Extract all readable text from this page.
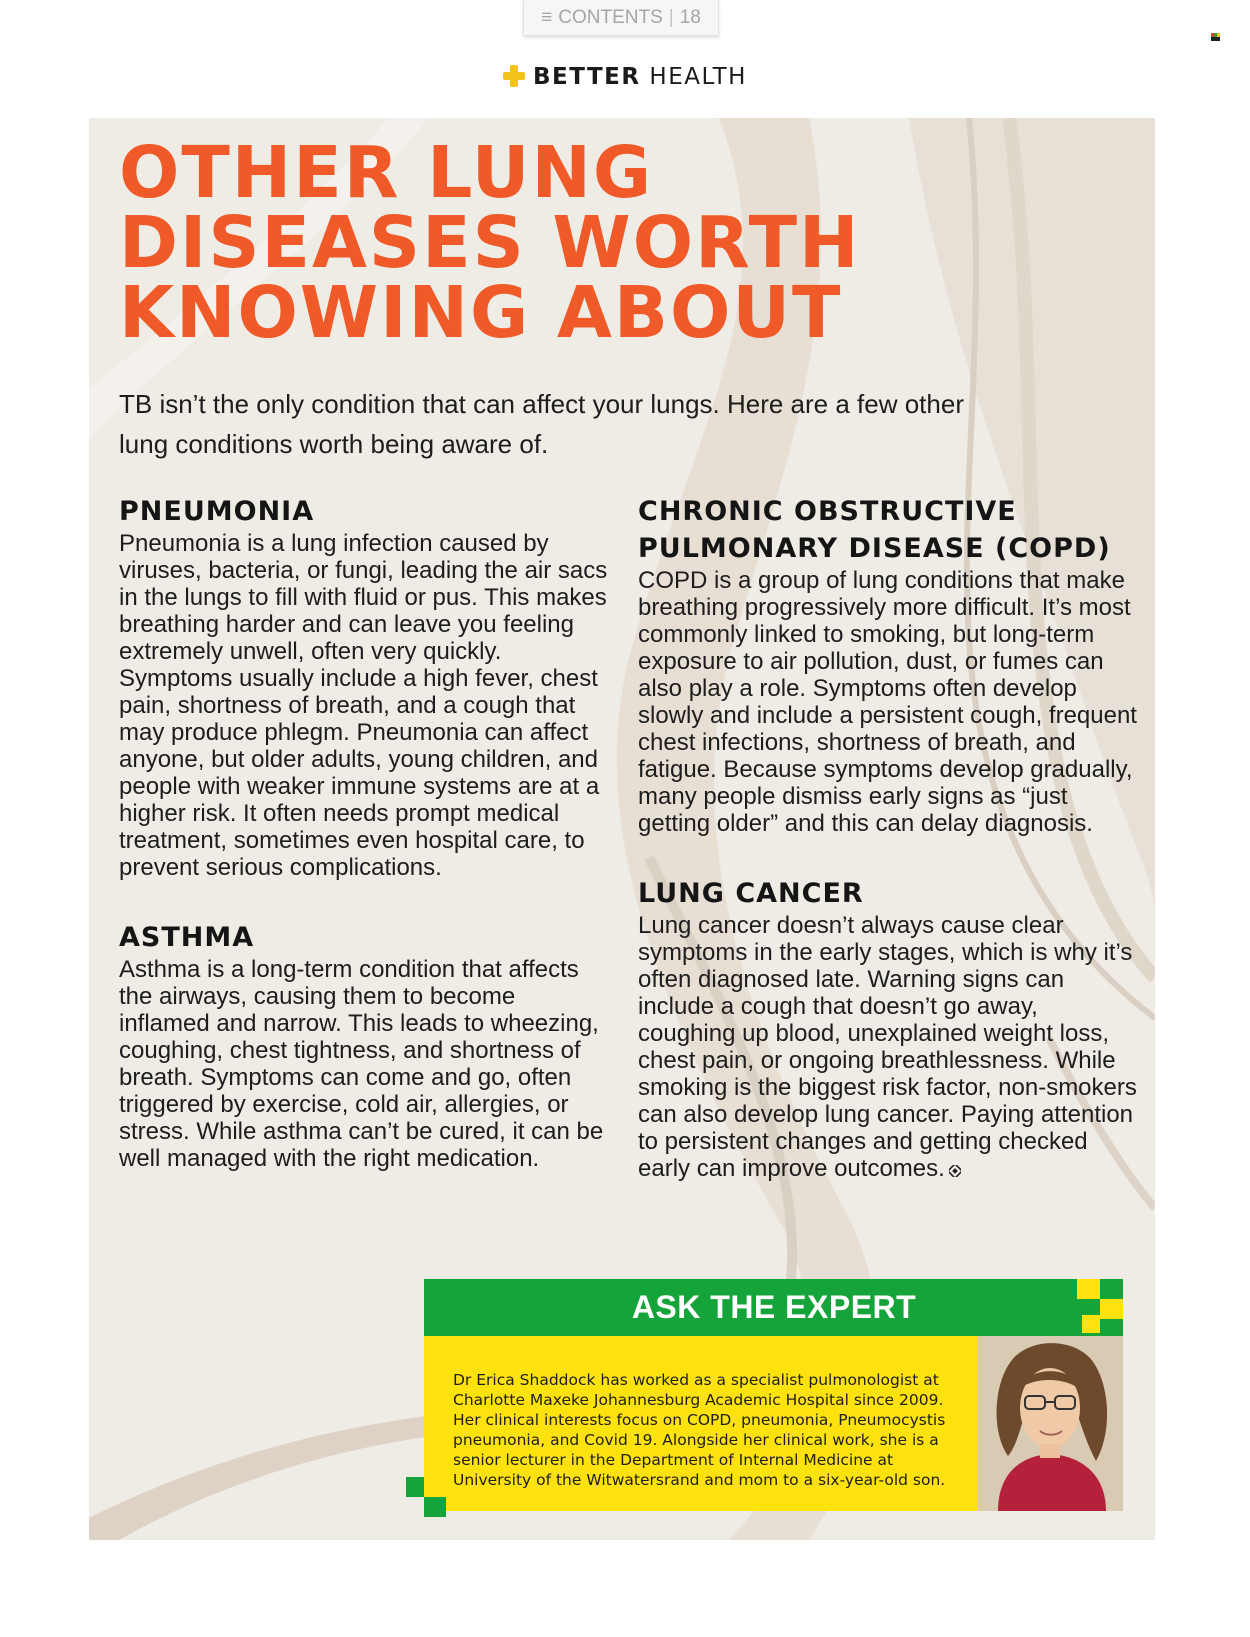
≡ CONTENTS | 18
BETTER HEALTH
OTHER LUNG
DISEASES WORTH
KNOWING ABOUT

TB isn’t the only condition that can affect your lungs. Here are a few other lung conditions worth being aware of.

PNEUMONIA

Pneumonia is a lung infection caused by viruses, bacteria, or fungi, leading the air sacs in the lungs to fill with fluid or pus. This makes breathing harder and can leave you feeling extremely unwell, often very quickly. Symptoms usually include a high fever, chest pain, shortness of breath, and a cough that may produce phlegm. Pneumonia can affect anyone, but older adults, young children, and people with weaker immune systems are at a higher risk. It often needs prompt medical treatment, sometimes even hospital care, to prevent serious complications.

ASTHMA

Asthma is a long-term condition that affects the airways, causing them to become inflamed and narrow. This leads to wheezing, coughing, chest tightness, and shortness of breath. Symptoms can come and go, often triggered by exercise, cold air, allergies, or stress. While asthma can’t be cured, it can be well managed with the right medication.

CHRONIC OBSTRUCTIVE PULMONARY DISEASE (COPD)

COPD is a group of lung conditions that make breathing progressively more difficult. It’s most commonly linked to smoking, but long-term exposure to air pollution, dust, or fumes can also play a role. Symptoms often develop slowly and include a persistent cough, frequent chest infections, shortness of breath, and fatigue. Because symptoms develop gradually, many people dismiss early signs as “just getting older” and this can delay diagnosis.

LUNG CANCER

Lung cancer doesn’t always cause clear symptoms in the early stages, which is why it’s often diagnosed late. Warning signs can include a cough that doesn’t go away, coughing up blood, unexplained weight loss, chest pain, or ongoing breathlessness. While smoking is the biggest risk factor, non-smokers can also develop lung cancer. Paying attention to persistent changes and getting checked early can improve outcomes.

ASK THE EXPERT

Dr Erica Shaddock has worked as a specialist pulmonologist at Charlotte Maxeke Johannesburg Academic Hospital since 2009. Her clinical interests focus on COPD, pneumonia, Pneumocystis pneumonia, and Covid 19. Alongside her clinical work, she is a senior lecturer in the Department of Internal Medicine at University of the Witwatersrand and mom to a six-year-old son.
